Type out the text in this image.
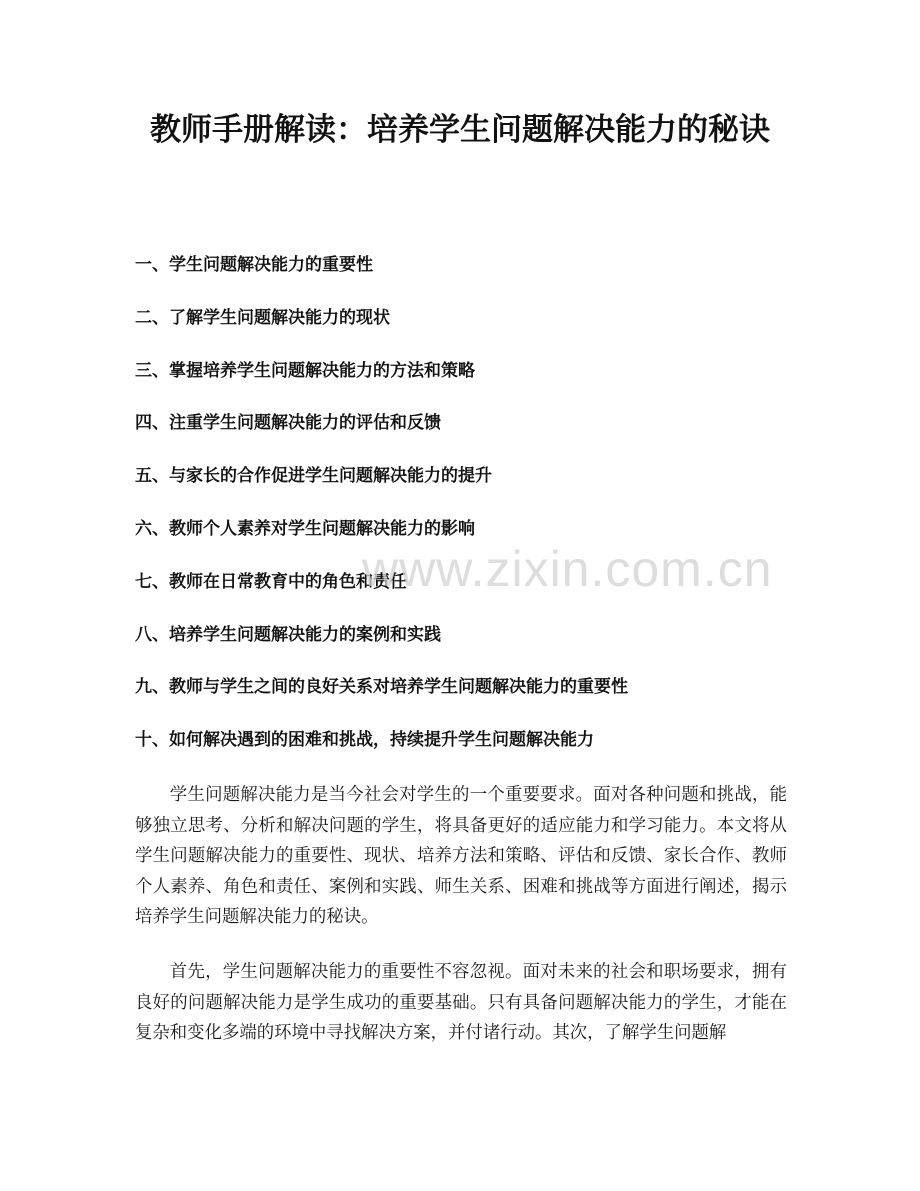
教师手册解读：培养学生问题解决能力的秘诀
一、学生问题解决能力的重要性
二、了解学生问题解决能力的现状
三、掌握培养学生问题解决能力的方法和策略
四、注重学生问题解决能力的评估和反馈
五、与家长的合作促进学生问题解决能力的提升
六、教师个人素养对学生问题解决能力的影响
七、教师在日常教育中的角色和责任
八、培养学生问题解决能力的案例和实践
九、教师与学生之间的良好关系对培养学生问题解决能力的重要性
十、如何解决遇到的困难和挑战，持续提升学生问题解决能力

学生问题解决能力是当今社会对学生的一个重要要求。面对各种问题和挑战，能够独立思考、分析和解决问题的学生，将具备更好的适应能力和学习能力。本文将从学生问题解决能力的重要性、现状、培养方法和策略、评估和反馈、家长合作、教师个人素养、角色和责任、案例和实践、师生关系、困难和挑战等方面进行阐述，揭示培养学生问题解决能力的秘诀。

首先，学生问题解决能力的重要性不容忽视。面对未来的社会和职场要求，拥有良好的问题解决能力是学生成功的重要基础。只有具备问题解决能力的学生，才能在复杂和变化多端的环境中寻找解决方案，并付诸行动。其次，了解学生问题解

www.zixin.com.cn
